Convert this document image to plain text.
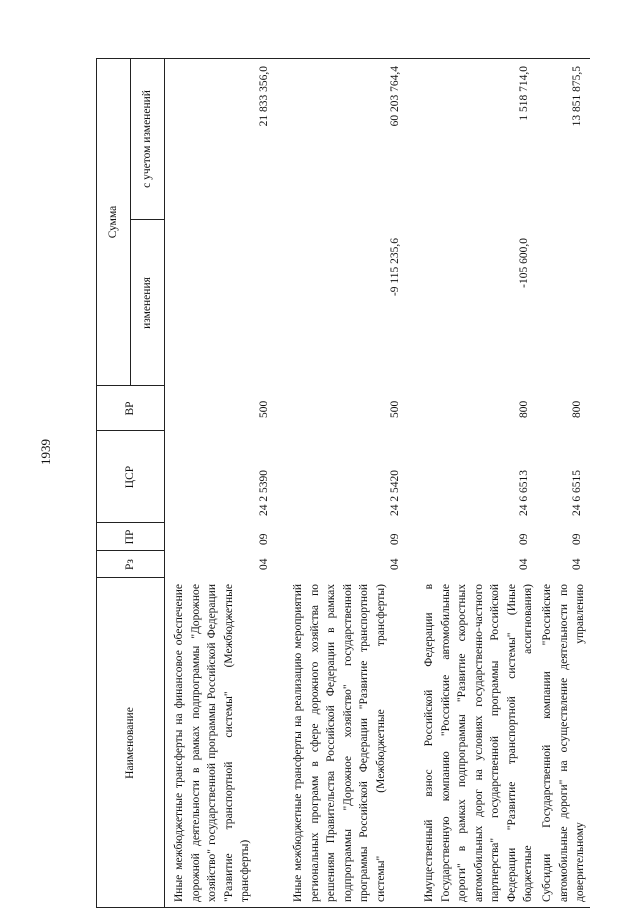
1939
Наименование
Рз
ПР
ЦСР
ВР
Сумма
изменения
с учетом изменений
Иные межбюджетные трансферты на финансовое обеспечение дорожной деятельности в рамках подпрограммы "Дорожное хозяйство" государственной программы Российской Федерации "Развитие транспортной системы" (Межбюджетные трансферты)
04
09
24 2 5390
500
21 833 356,0
Иные межбюджетные трансферты на реализацию мероприятий региональных программ в сфере дорожного хозяйства по решениям Правительства Российской Федерации в рамках подпрограммы "Дорожное хозяйство" государственной программы Российской Федерации "Развитие транспортной системы" (Межбюджетные трансферты)
04
09
24 2 5420
500
-9 115 235,6
60 203 764,4
Имущественный взнос Российской Федерации в Государственную компанию "Российские автомобильные дороги" в рамках подпрограммы "Развитие скоростных автомобильных дорог на условиях государственно-частного партнерства" государственной программы Российской Федерации "Развитие транспортной системы" (Иные бюджетные ассигнования)
04
09
24 6 6513
800
-105 600,0
1 518 714,0
Субсидии Государственной компании "Российские автомобильные дороги" на осуществление деятельности по доверительному управлению
04
09
24 6 6515
800
13 851 875,5
